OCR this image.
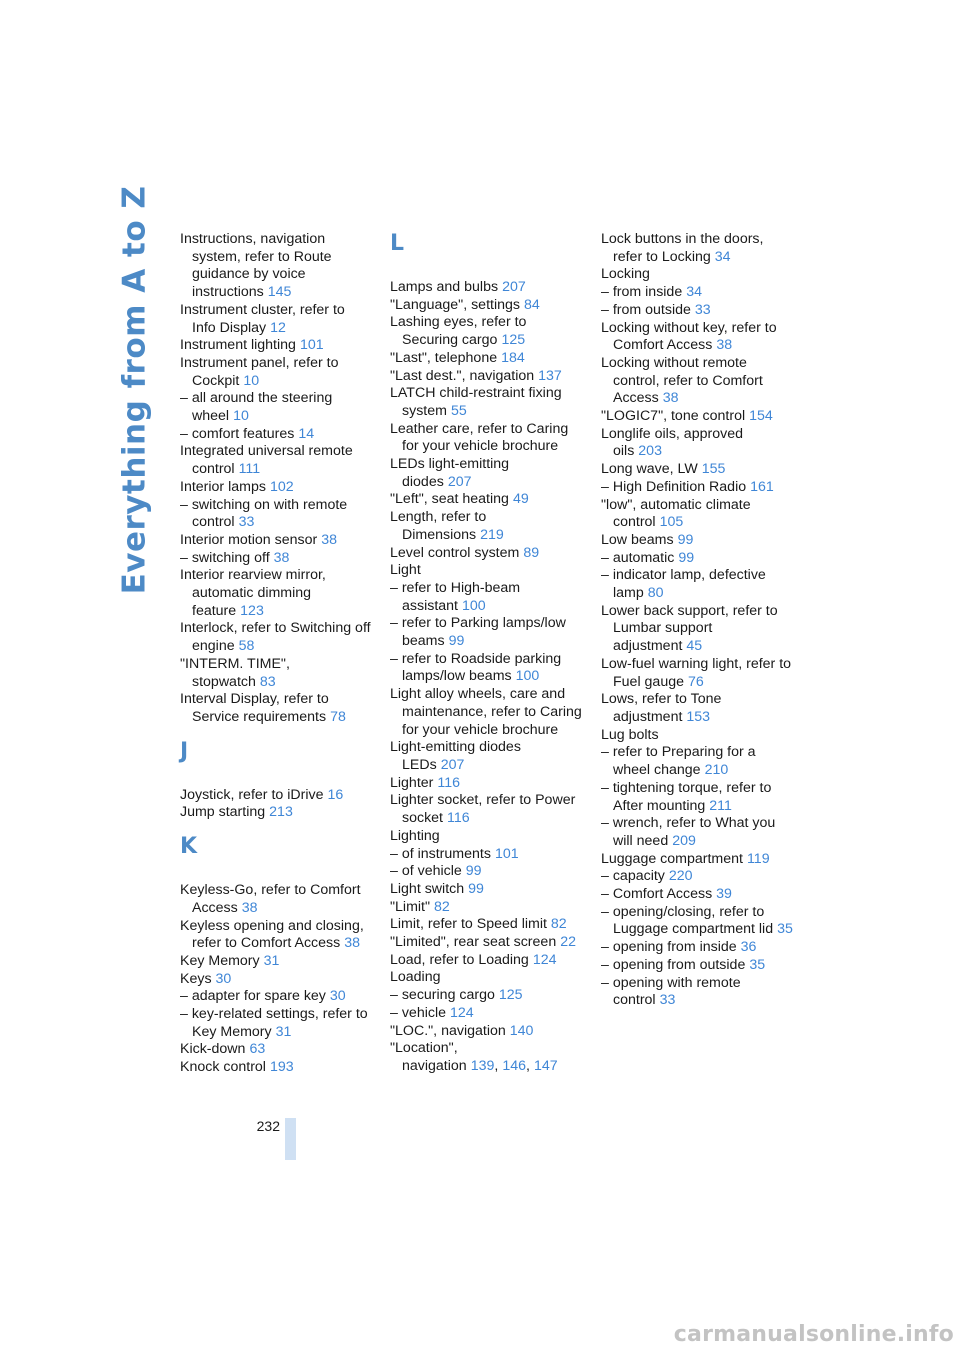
Everything from A to Z Instructions, navigation system, refer to Route guidance by voice instructions 145
Instrument cluster, refer to Info Display 12
Instrument lighting 101
Instrument panel, refer to Cockpit 10
– all around the steering wheel 10
– comfort features 14
Integrated universal remote control 111
Interior lamps 102
– switching on with remote control 33
Interior motion sensor 38
– switching off 38
Interior rearview mirror, automatic dimming feature 123
Interlock, refer to Switching off engine 58
"INTERM. TIME", stopwatch 83
Interval Display, refer to Service requirements 78
J
Joystick, refer to iDrive 16
Jump starting 213
K
Keyless-Go, refer to Comfort Access 38
Keyless opening and closing, refer to Comfort Access 38
Key Memory 31
Keys 30
– adapter for spare key 30
– key-related settings, refer to Key Memory 31
Kick-down 63
Knock control 193
L
Lamps and bulbs 207
"Language", settings 84
Lashing eyes, refer to Securing cargo 125
"Last", telephone 184
"Last dest.", navigation 137
LATCH child-restraint fixing system 55
Leather care, refer to Caring for your vehicle brochure
LEDs light-emitting diodes 207
"Left", seat heating 49
Length, refer to Dimensions 219
Level control system 89
Light
– refer to High-beam assistant 100
– refer to Parking lamps/low beams 99
– refer to Roadside parking lamps/low beams 100
Light alloy wheels, care and maintenance, refer to Caring for your vehicle brochure
Light-emitting diodes LEDs 207
Lighter 116
Lighter socket, refer to Power socket 116
Lighting
– of instruments 101
– of vehicle 99
Light switch 99
"Limit" 82
Limit, refer to Speed limit 82
"Limited", rear seat screen 22
Load, refer to Loading 124
Loading
– securing cargo 125
– vehicle 124
"LOC.", navigation 140
"Location", navigation 139, 146, 147
Lock buttons in the doors, refer to Locking 34
Locking
– from inside 34
– from outside 33
Locking without key, refer to Comfort Access 38
Locking without remote control, refer to Comfort Access 38
"LOGIC7", tone control 154
Longlife oils, approved oils 203
Long wave, LW 155
– High Definition Radio 161
"low", automatic climate control 105
Low beams 99
– automatic 99
– indicator lamp, defective lamp 80
Lower back support, refer to Lumbar support adjustment 45
Low-fuel warning light, refer to Fuel gauge 76
Lows, refer to Tone adjustment 153
Lug bolts
– refer to Preparing for a wheel change 210
– tightening torque, refer to After mounting 211
– wrench, refer to What you will need 209
Luggage compartment 119
– capacity 220
– Comfort Access 39
– opening/closing, refer to Luggage compartment lid 35
– opening from inside 36
– opening from outside 35
– opening with remote control 33
232
carmanualsonline.info
